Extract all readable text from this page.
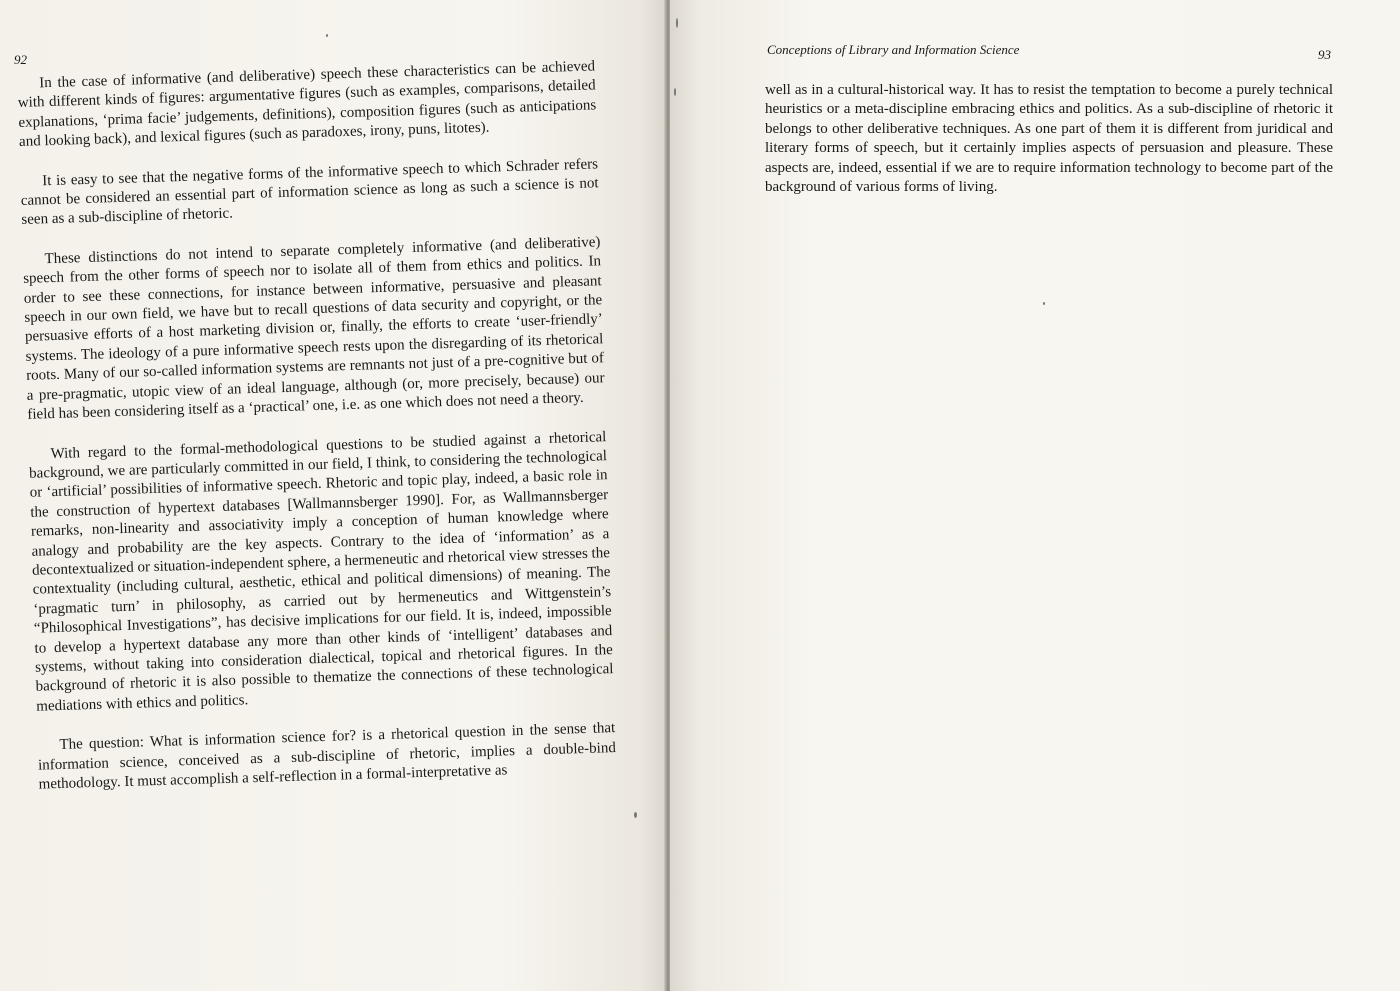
92 In the case of informative (and deliberative) speech these characteristics can be achieved with different kinds of figures: argumentative figures (such as examples, comparisons, detailed explanations, ‘prima facie’ judgements, definitions), composition figures (such as anticipations and looking back), and lexical figures (such as paradoxes, irony, puns, litotes).

It is easy to see that the negative forms of the informative speech to which Schrader refers cannot be considered an essential part of information science as long as such a science is not seen as a sub-discipline of rhetoric.

These distinctions do not intend to separate completely informative (and deliberative) speech from the other forms of speech nor to isolate all of them from ethics and politics. In order to see these connections, for instance between informative, persuasive and pleasant speech in our own field, we have but to recall questions of data security and copyright, or the persuasive efforts of a host marketing division or, finally, the efforts to create ‘user-friendly’ systems. The ideology of a pure informative speech rests upon the disregarding of its rhetorical roots. Many of our so-called information systems are remnants not just of a pre-cognitive but of a pre-pragmatic, utopic view of an ideal language, although (or, more precisely, because) our field has been considering itself as a ‘practical’ one, i.e. as one which does not need a theory.

With regard to the formal-methodological questions to be studied against a rhetorical background, we are particularly committed in our field, I think, to considering the technological or ‘artificial’ possibilities of informative speech. Rhetoric and topic play, indeed, a basic role in the construction of hypertext databases [Wallmannsberger 1990]. For, as Wallmannsberger remarks, non-linearity and associativity imply a conception of human knowledge where analogy and probability are the key aspects. Contrary to the idea of ‘information’ as a decontextualized or situation-independent sphere, a hermeneutic and rhetorical view stresses the contextuality (including cultural, aesthetic, ethical and political dimensions) of meaning. The ‘pragmatic turn’ in philosophy, as carried out by hermeneutics and Wittgenstein’s “Philosophical Investigations”, has decisive implications for our field. It is, indeed, impossible to develop a hypertext database any more than other kinds of ‘intelligent’ databases and systems, without taking into consideration dialectical, topical and rhetorical figures. In the background of rhetoric it is also possible to thematize the connections of these technological mediations with ethics and politics.

The question: What is information science for? is a rhetorical question in the sense that information science, conceived as a sub-discipline of rhetoric, implies a double-bind methodology. It must accomplish a self-reflection in a formal-interpretative as

Conceptions of Library and Information Science	93

well as in a cultural-historical way. It has to resist the temptation to become a purely technical heuristics or a meta-discipline embracing ethics and politics. As a sub-discipline of rhetoric it belongs to other deliberative techniques. As one part of them it is different from juridical and literary forms of speech, but it certainly implies aspects of persuasion and pleasure. These aspects are, indeed, essential if we are to require information technology to become part of the background of various forms of living.
